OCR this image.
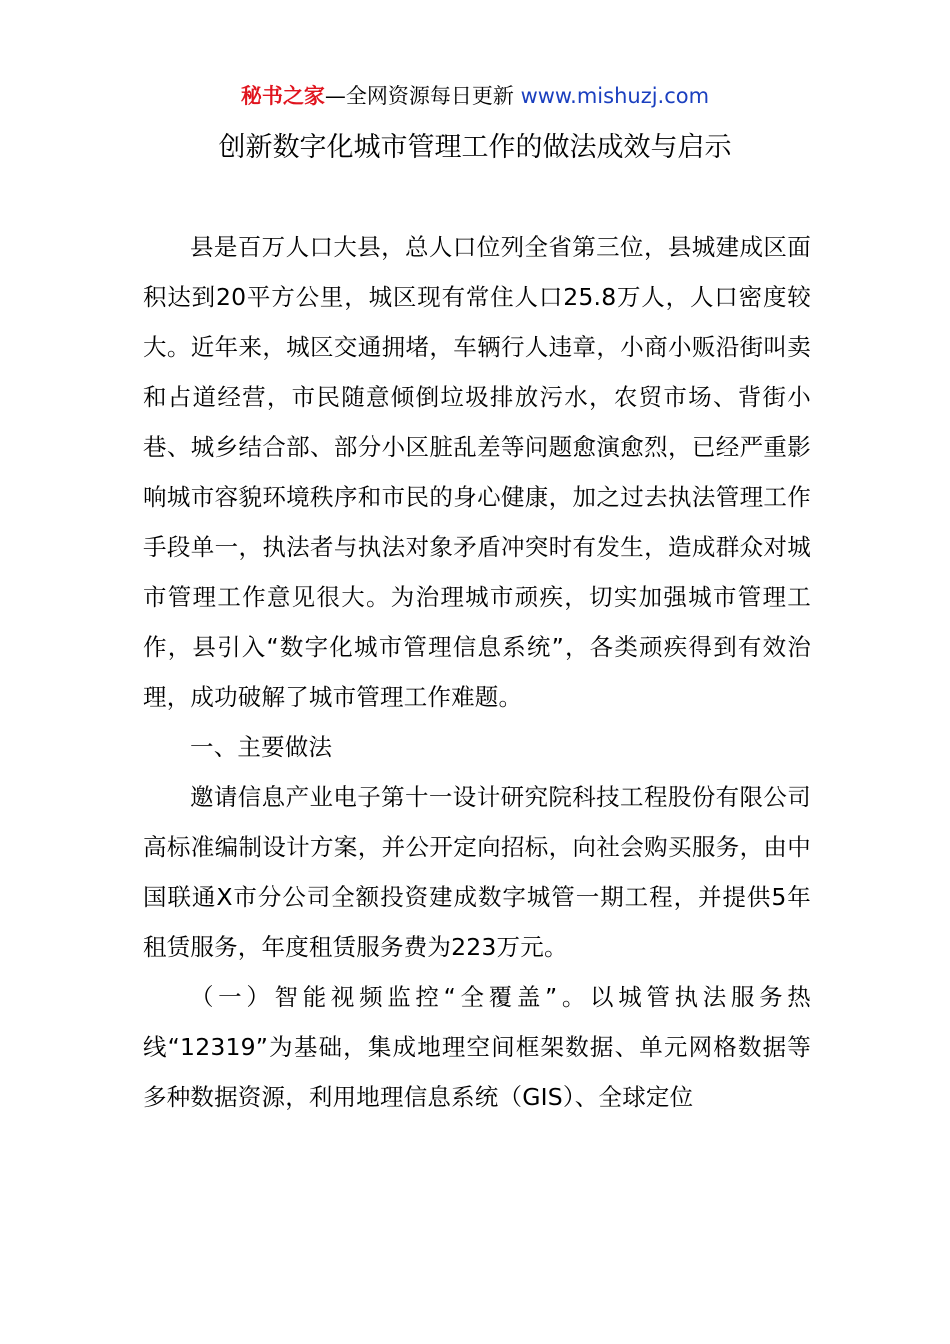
秘书之家—全网资源每日更新 www.mishuzj.com
创新数字化城市管理工作的做法成效与启示

县是百万人口大县，总人口位列全省第三位，县城建成区面积达到20平方公里，城区现有常住人口25.8万人，人口密度较大。近年来，城区交通拥堵，车辆行人违章，小商小贩沿街叫卖和占道经营，市民随意倾倒垃圾排放污水，农贸市场、背街小巷、城乡结合部、部分小区脏乱差等问题愈演愈烈，已经严重影响城市容貌环境秩序和市民的身心健康，加之过去执法管理工作手段单一，执法者与执法对象矛盾冲突时有发生，造成群众对城市管理工作意见很大。为治理城市顽疾，切实加强城市管理工作，县引入“数字化城市管理信息系统”，各类顽疾得到有效治理，成功破解了城市管理工作难题。

一、主要做法

邀请信息产业电子第十一设计研究院科技工程股份有限公司高标准编制设计方案，并公开定向招标，向社会购买服务，由中国联通X市分公司全额投资建成数字城管一期工程，并提供5年租赁服务，年度租赁服务费为223万元。

（一）智能视频监控“全覆盖”。以城管执法服务热线“12319”为基础，集成地理空间框架数据、单元网格数据等多种数据资源，利用地理信息系统（GIS）、全球定位
